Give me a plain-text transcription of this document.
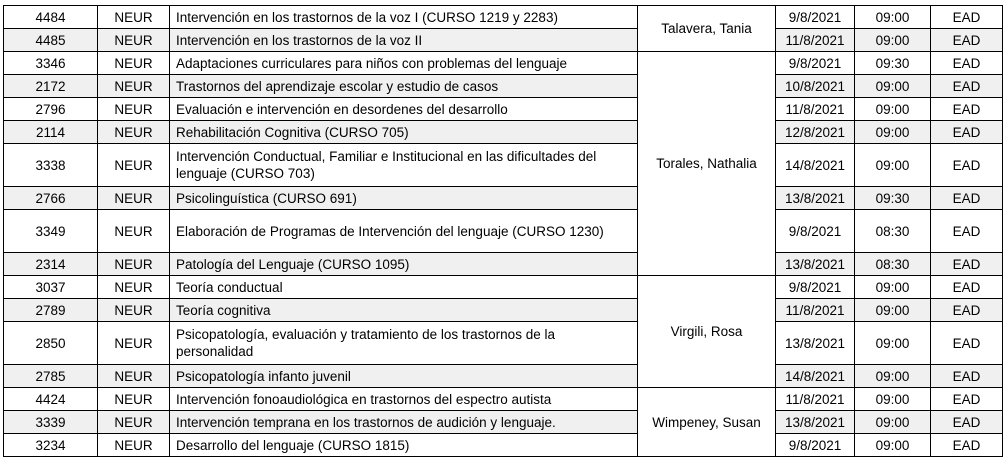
4484	NEUR	Intervención en los trastornos de la voz I (CURSO 1219 y 2283)	Talavera, Tania	9/8/2021	09:00	EAD
4485	NEUR	Intervención en los trastornos de la voz II		11/8/2021	09:00	EAD
3346	NEUR	Adaptaciones curriculares para niños con problemas del lenguaje	Torales, Nathalia	9/8/2021	09:30	EAD
2172	NEUR	Trastornos del aprendizaje escolar y estudio de casos		10/8/2021	09:00	EAD
2796	NEUR	Evaluación e intervención en desordenes del desarrollo		11/8/2021	09:00	EAD
2114	NEUR	Rehabilitación Cognitiva (CURSO 705)		12/8/2021	09:00	EAD
3338	NEUR	Intervención Conductual, Familiar e Institucional en las dificultades del lenguaje (CURSO 703)		14/8/2021	09:00	EAD
2766	NEUR	Psicolinguística (CURSO 691)		13/8/2021	09:30	EAD
3349	NEUR	Elaboración de Programas de Intervención del lenguaje (CURSO 1230)		9/8/2021	08:30	EAD
2314	NEUR	Patología del Lenguaje (CURSO 1095)		13/8/2021	08:30	EAD
3037	NEUR	Teoría conductual	Virgili, Rosa	9/8/2021	09:00	EAD
2789	NEUR	Teoría cognitiva		11/8/2021	09:00	EAD
2850	NEUR	Psicopatología, evaluación y tratamiento de los trastornos de la personalidad		13/8/2021	09:00	EAD
2785	NEUR	Psicopatología infanto juvenil		14/8/2021	09:00	EAD
4424	NEUR	Intervención fonoaudiológica en trastornos del espectro autista	Wimpeney, Susan	11/8/2021	09:00	EAD
3339	NEUR	Intervención temprana en los trastornos de audición y lenguaje.		13/8/2021	09:00	EAD
3234	NEUR	Desarrollo del lenguaje (CURSO 1815)		9/8/2021	09:00	EAD
